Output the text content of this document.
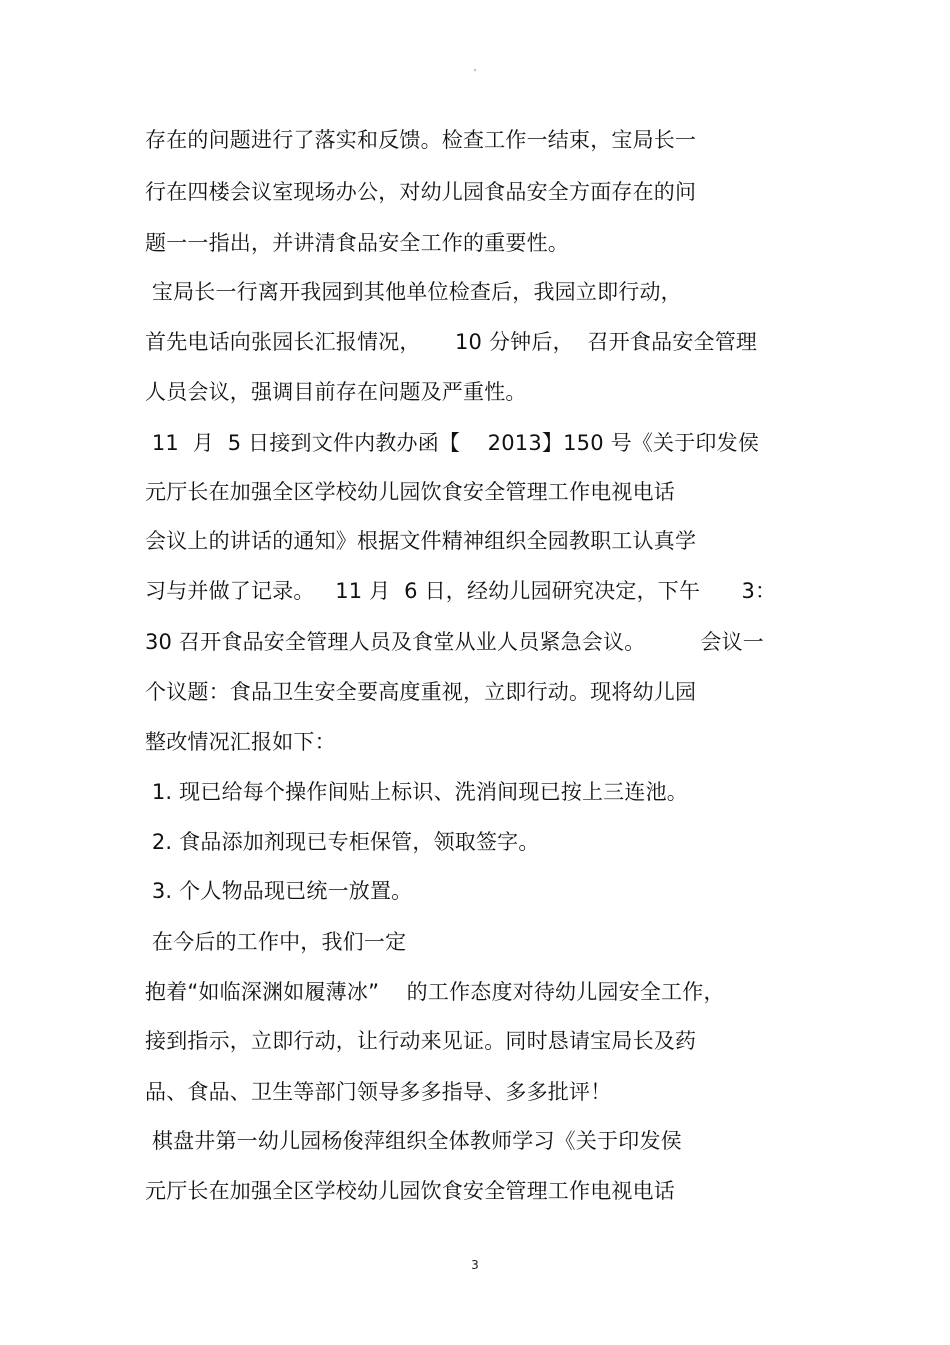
"
存在的问题进行了落实和反馈。检查工作一结束，宝局长一
行在四楼会议室现场办公，对幼儿园食品安全方面存在的问
题一一指出，并讲清食品安全工作的重要性。
宝局长一行离开我园到其他单位检查后，我园立即行动，
首先电话向张园长汇报情况，     10 分钟后，  召开食品安全管理
人员会议，强调目前存在问题及严重性。
11  月  5 日接到文件内教办函【    2013】150 号《关于印发侯
元厅长在加强全区学校幼儿园饮食安全管理工作电视电话
会议上的讲话的通知》根据文件精神组织全园教职工认真学
习与并做了记录。   11 月  6 日，经幼儿园研究决定，下午      3：
30 召开食品安全管理人员及食堂从业人员紧急会议。        会议一
个议题：食品卫生安全要高度重视，立即行动。现将幼儿园
整改情况汇报如下：
1. 现已给每个操作间贴上标识、洗消间现已按上三连池。
2. 食品添加剂现已专柜保管，领取签字。
3. 个人物品现已统一放置。
在今后的工作中，我们一定
抱着“如临深渊如履薄冰”    的工作态度对待幼儿园安全工作，
接到指示，立即行动，让行动来见证。同时恳请宝局长及药
品、食品、卫生等部门领导多多指导、多多批评！
棋盘井第一幼儿园杨俊萍组织全体教师学习《关于印发侯
元厅长在加强全区学校幼儿园饮食安全管理工作电视电话
3
